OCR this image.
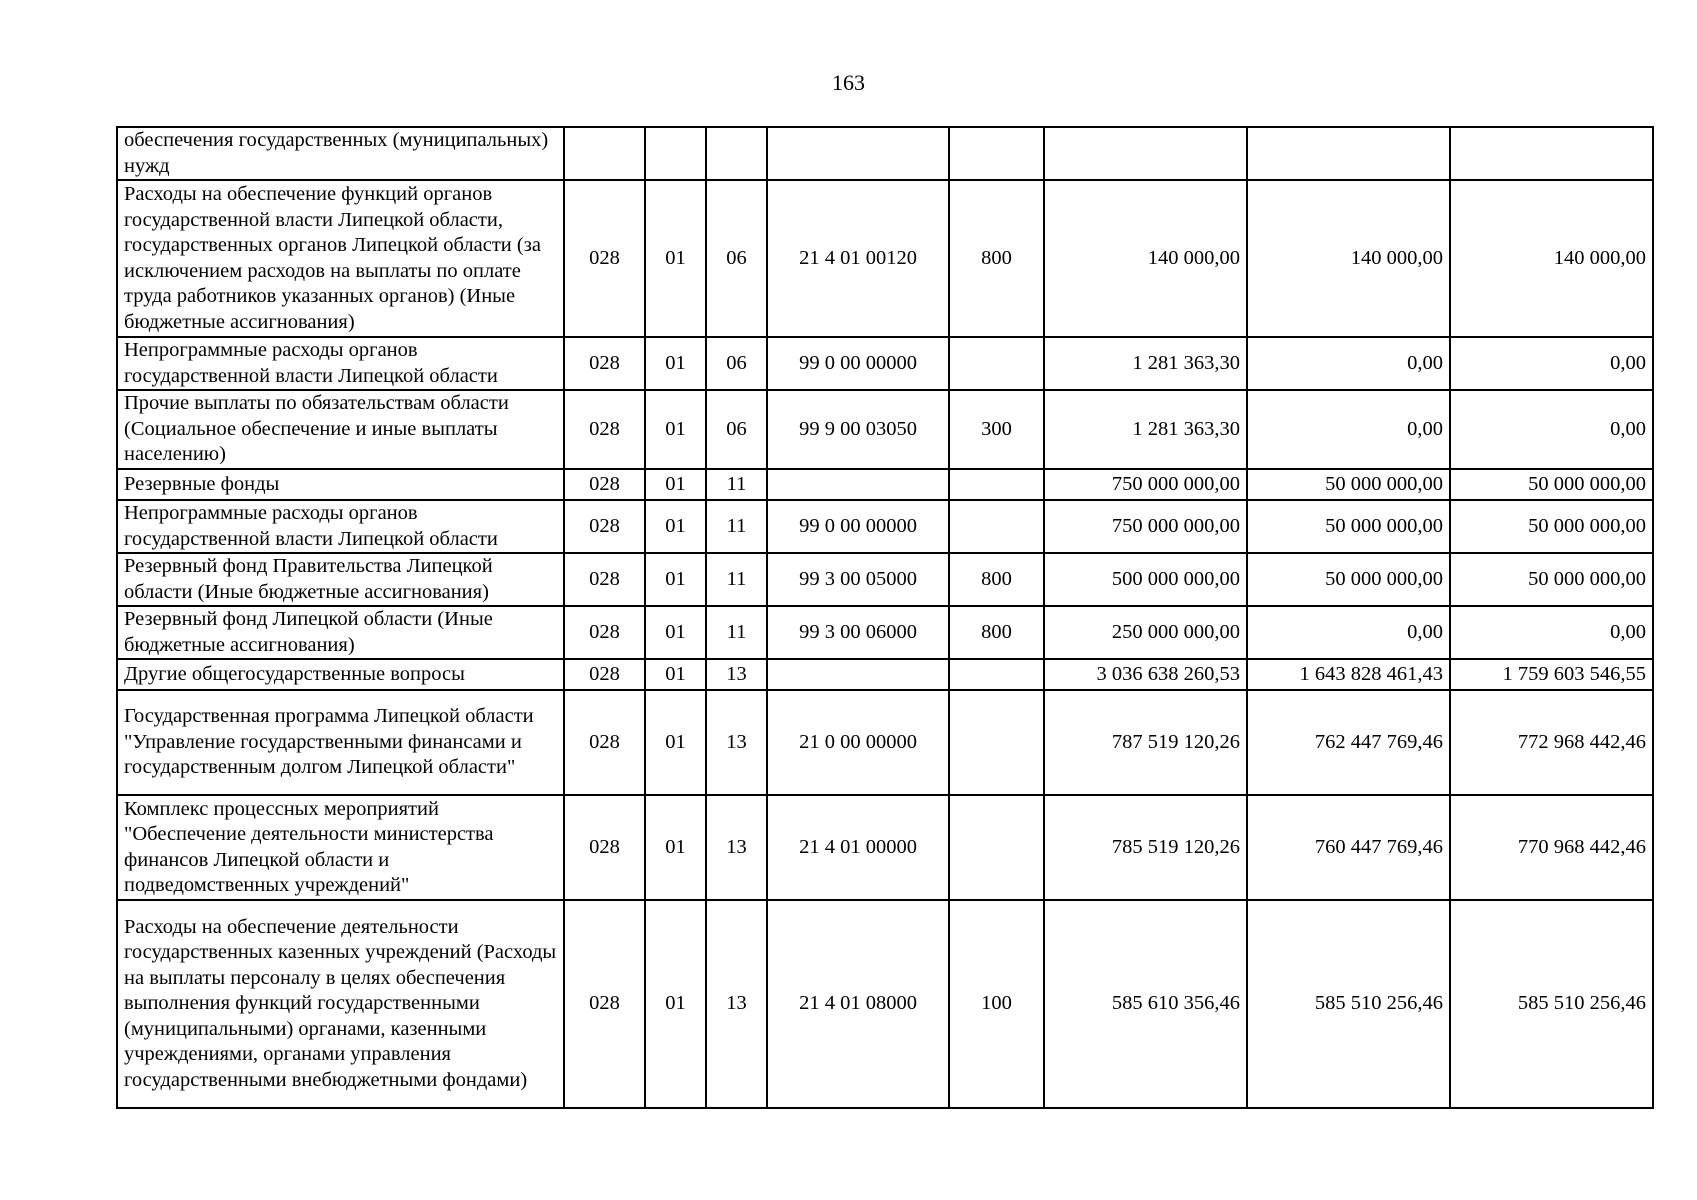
163
обеспечения государственных (муниципальных) нужд								
Расходы на обеспечение функций органов государственной власти Липецкой области, государственных органов Липецкой области (за исключением расходов на выплаты по оплате труда работников указанных органов) (Иные бюджетные ассигнования)	028	01	06	21 4 01 00120	800	140 000,00	140 000,00	140 000,00
Непрограммные расходы органов государственной власти Липецкой области	028	01	06	99 0 00 00000		1 281 363,30	0,00	0,00
Прочие выплаты по обязательствам области (Социальное обеспечение и иные выплаты населению)	028	01	06	99 9 00 03050	300	1 281 363,30	0,00	0,00
Резервные фонды	028	01	11			750 000 000,00	50 000 000,00	50 000 000,00
Непрограммные расходы органов государственной власти Липецкой области	028	01	11	99 0 00 00000		750 000 000,00	50 000 000,00	50 000 000,00
Резервный фонд Правительства Липецкой области (Иные бюджетные ассигнования)	028	01	11	99 3 00 05000	800	500 000 000,00	50 000 000,00	50 000 000,00
Резервный фонд Липецкой области (Иные бюджетные ассигнования)	028	01	11	99 3 00 06000	800	250 000 000,00	0,00	0,00
Другие общегосударственные вопросы	028	01	13			3 036 638 260,53	1 643 828 461,43	1 759 603 546,55
Государственная программа Липецкой области "Управление государственными финансами и государственным долгом Липецкой области"	028	01	13	21 0 00 00000		787 519 120,26	762 447 769,46	772 968 442,46
Комплекс процессных мероприятий "Обеспечение деятельности министерства финансов Липецкой области и подведомственных учреждений"	028	01	13	21 4 01 00000		785 519 120,26	760 447 769,46	770 968 442,46
Расходы на обеспечение деятельности государственных казенных учреждений (Расходы на выплаты персоналу в целях обеспечения выполнения функций государственными (муниципальными) органами, казенными учреждениями, органами управления государственными внебюджетными фондами)	028	01	13	21 4 01 08000	100	585 610 356,46	585 510 256,46	585 510 256,46
